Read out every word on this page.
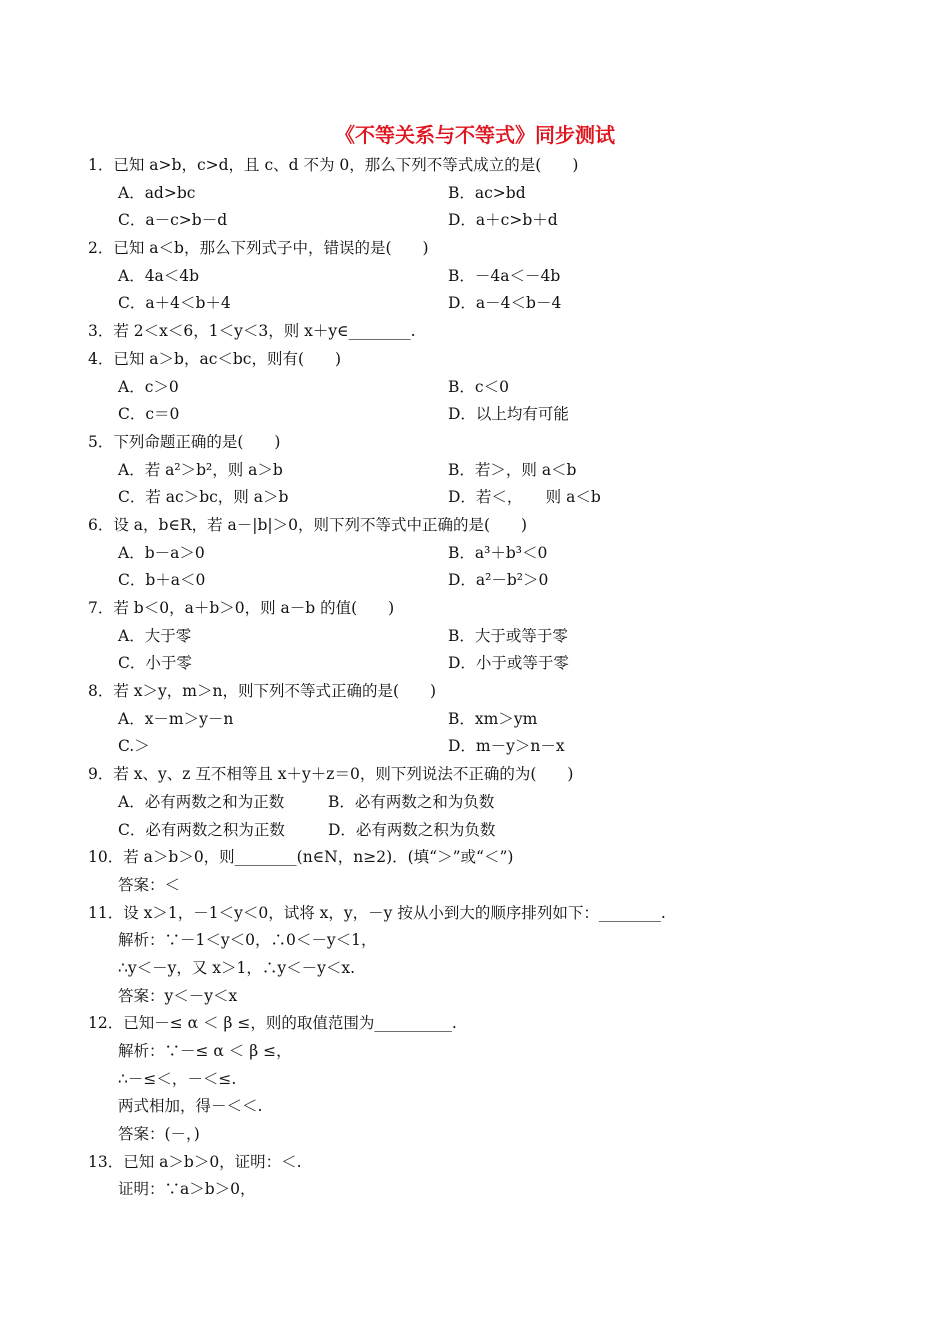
《不等关系与不等式》同步测试
1．已知 a>b，c>d，且 c、d 不为 0，那么下列不等式成立的是(　　)
A．ad>bc	B．ac>bd
C．a－c>b－d	D．a＋c>b＋d
2．已知 a＜b，那么下列式子中，错误的是(　　)
A．4a＜4b	B．－4a＜－4b
C．a＋4＜b＋4	D．a－4＜b－4
3．若 2＜x＜6，1＜y＜3，则 x＋y∈________.
4．已知 a＞b，ac＜bc，则有(　　)
A．c＞0	B．c＜0
C．c＝0	D．以上均有可能
5．下列命题正确的是(　　)
A．若 a²＞b²，则 a＞b	B．若＞，则 a＜b
C．若 ac＞bc，则 a＞b	D．若＜，　　则 a＜b
6．设 a，b∈R，若 a－|b|＞0，则下列不等式中正确的是(　　)
A．b－a＞0	B．a³＋b³＜0
C．b＋a＜0	D．a²－b²＞0
7．若 b＜0，a＋b＞0，则 a－b 的值(　　)
A．大于零	B．大于或等于零
C．小于零	D．小于或等于零
8．若 x＞y，m＞n，则下列不等式正确的是(　　)
A．x－m＞y－n	B．xm＞ym
C.＞	D．m－y＞n－x
9．若 x、y、z 互不相等且 x＋y＋z＝0，则下列说法不正确的为(　　)
A．必有两数之和为正数	B．必有两数之和为负数
C．必有两数之积为正数	D．必有两数之积为负数
10．若 a＞b＞0，则________(n∈N，n≥2)．(填“＞”或“＜”)
答案：＜
11．设 x＞1，－1＜y＜0，试将 x，y，－y 按从小到大的顺序排列如下：________.
解析：∵－1＜y＜0，∴0＜－y＜1，
∴y＜－y，又 x＞1，∴y＜－y＜x.
答案：y＜－y＜x
12．已知－≤ α ＜ β ≤，则的取值范围为__________.
解析：∵－≤ α ＜ β ≤，
∴－≤＜，－＜≤.
两式相加，得－＜＜.
答案：(－，)
13．已知 a＞b＞0，证明：＜.
证明：∵a＞b＞0，
